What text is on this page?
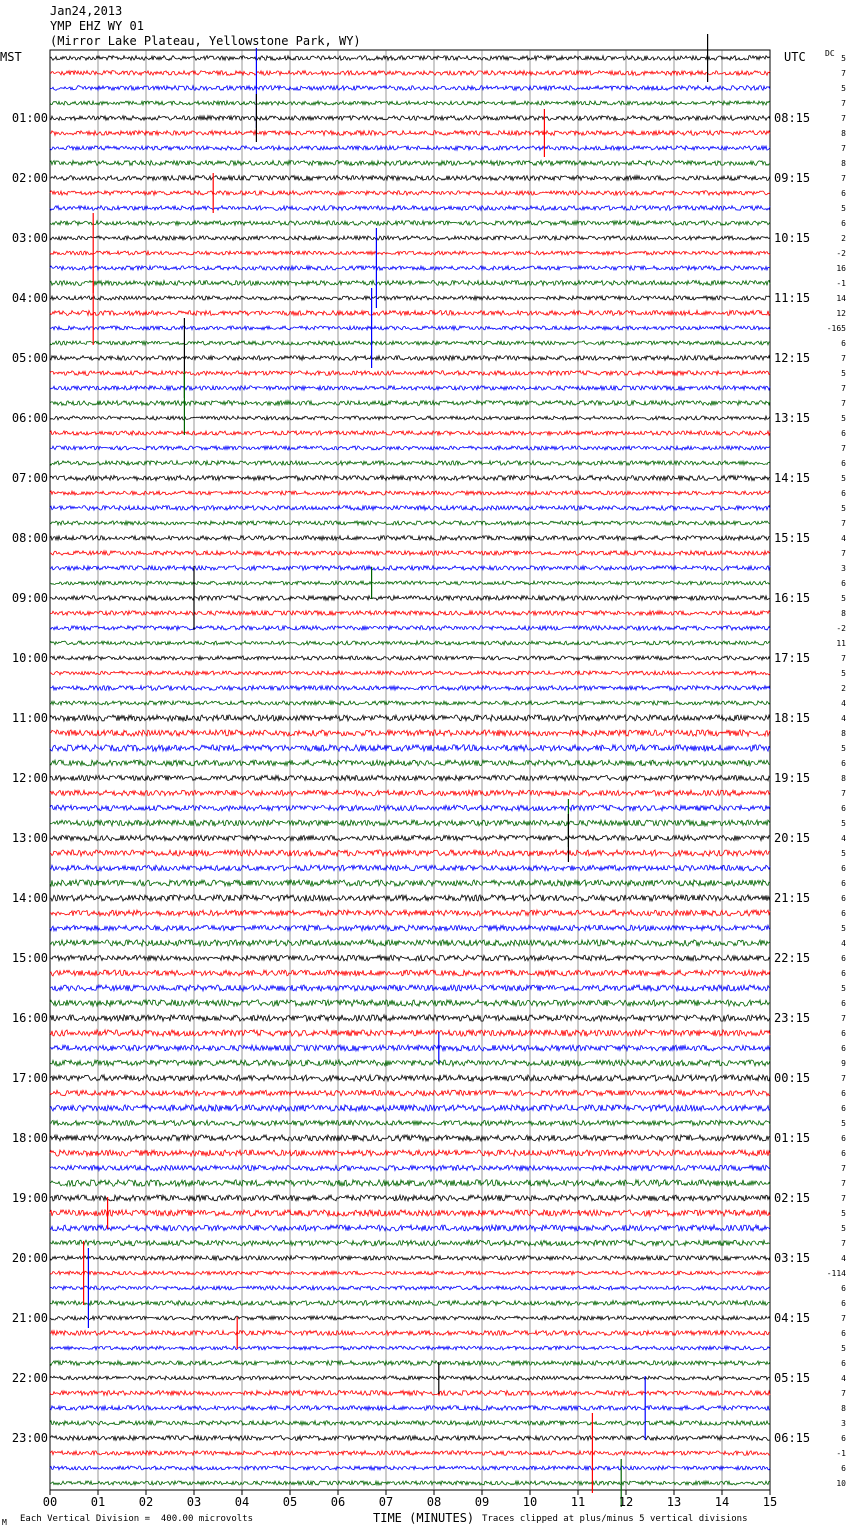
Jan24,2013
YMP EHZ WY 01
(Mirror Lake Plateau, Yellowstone Park, WY)
MST	UTC DC
01:00
02:00
03:00
04:00
05:00
06:00
07:00
08:00
09:00
10:00
11:00
12:00
13:00
14:00
15:00
16:00
17:00
18:00
19:00
20:00
21:00
22:00
23:00
08:15
09:15
10:15
11:15
12:15
13:15
14:15
15:15
16:15
17:15
18:15
19:15
20:15
21:15
22:15
23:15
00:15
01:15
02:15
03:15
04:15
05:15
06:15
5
7
5
7
7
8
7
8
7
6
5
6
2
-2
16
-1
14
12
-165
6
7
5
7
7
5
6
7
6
5
6
5
7
4
7
3
6
5
8
-2
11
7
5
2
4
4
8
5
6
8
7
6
5
4
5
6
6
6
6
5
4
6
6
5
6
7
6
6
9
7
6
6
5
6
6
7
7
7
5
5
7
4
-114
6
6
7
6
5
6
4
7
8
3
6
-1
6
10
00	01	02	03	04	05	06	07	08	09	10	11	12	13	14	15
M Each Vertical Division =  400.00 microvolts	TIME (MINUTES) Traces clipped at plus/minus 5 vertical divisions
